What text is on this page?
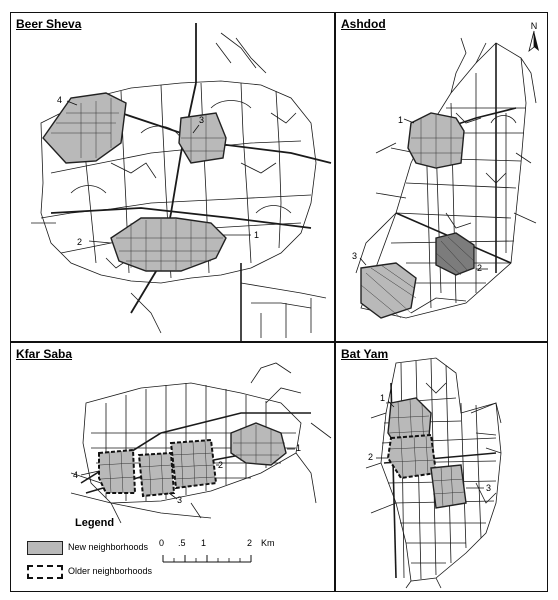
Beer Sheva
4
3
2
1
Ashdod	N
1
3
2
Kfar Saba
4
1
2
3
Legend
New neighborhoods
Older neighborhoods
0 .5 1	2 Km
Bat Yam
1
2
3
